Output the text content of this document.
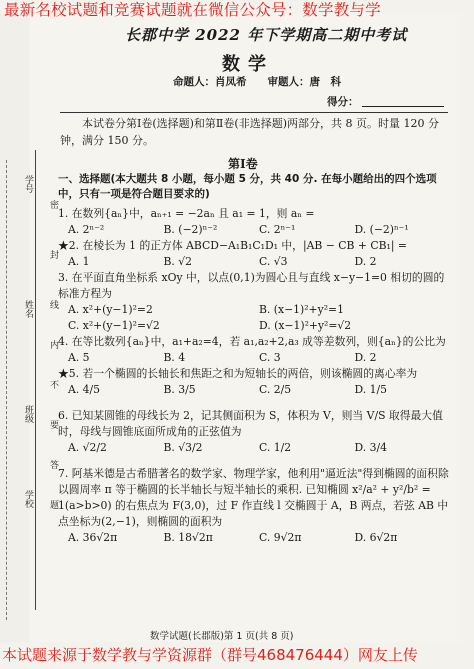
学号
姓名
班级
学校
密
封
线
内
不
要
答
题
最新名校试题和竞赛试题就在微信公众号：数学教与学
长郡中学 2022 年下学期高二期中考试
数学
命题人：肖凤希　　审题人：唐　科
得分：
本试卷分第Ⅰ卷(选择题)和第Ⅱ卷(非选择题)两部分，共 8 页。时量 120 分钟，满分 150 分。
第Ⅰ卷
一、选择题(本大题共 8 小题，每小题 5 分，共 40 分. 在每小题给出的四个选项中，只有一项是符合题目要求的)

1. 在数列{aₙ}中，aₙ₊₁ = −2aₙ 且 a₁ = 1，则 aₙ =

A. 2ⁿ⁻²	B. (−2)ⁿ⁻²	C. 2ⁿ⁻¹	D. (−2)ⁿ⁻¹

★2. 在棱长为 1 的正方体 ABCD−A₁B₁C₁D₁ 中，|AB − CB + CB₁| =

A. 1	B. √2	C. √3	D. 2

3. 在平面直角坐标系 xOy 中，以点(0,1)为圆心且与直线 x−y−1=0 相切的圆的标准方程为

A. x²+(y−1)²=2	B. (x−1)²+y²=1
C. x²+(y−1)²=√2	D. (x−1)²+y²=√2

4. 在等比数列{aₙ}中，a₁+a₂=4，若 a₁,a₂+2,a₃ 成等差数列，则{aₙ}的公比为

A. 5	B. 4	C. 3	D. 2

★5. 若一个椭圆的长轴长和焦距之和为短轴长的两倍，则该椭圆的离心率为

A. 4/5	B. 3/5	C. 2/5	D. 1/5

6. 已知某圆锥的母线长为 2，记其侧面积为 S，体积为 V，则当 V/S 取得最大值时，母线与圆锥底面所成角的正弦值为

A. √2/2	B. √3/2	C. 1/2	D. 3/4

7. 阿基米德是古希腊著名的数学家、物理学家，他利用"逼近法"得到椭圆的面积除以圆周率 π 等于椭圆的长半轴长与短半轴长的乘积. 已知椭圆 x²/a² + y²/b² = 1(a>b>0) 的右焦点为 F(3,0)，过 F 作直线 l 交椭圆于 A，B 两点，若弦 AB 中点坐标为(2,−1)，则椭圆的面积为

A. 36√2π	B. 18√2π	C. 9√2π	D. 6√2π
数学试题(长郡版)第 1 页(共 8 页)
本试题来源于数学教与学资源群（群号468476444）网友上传
